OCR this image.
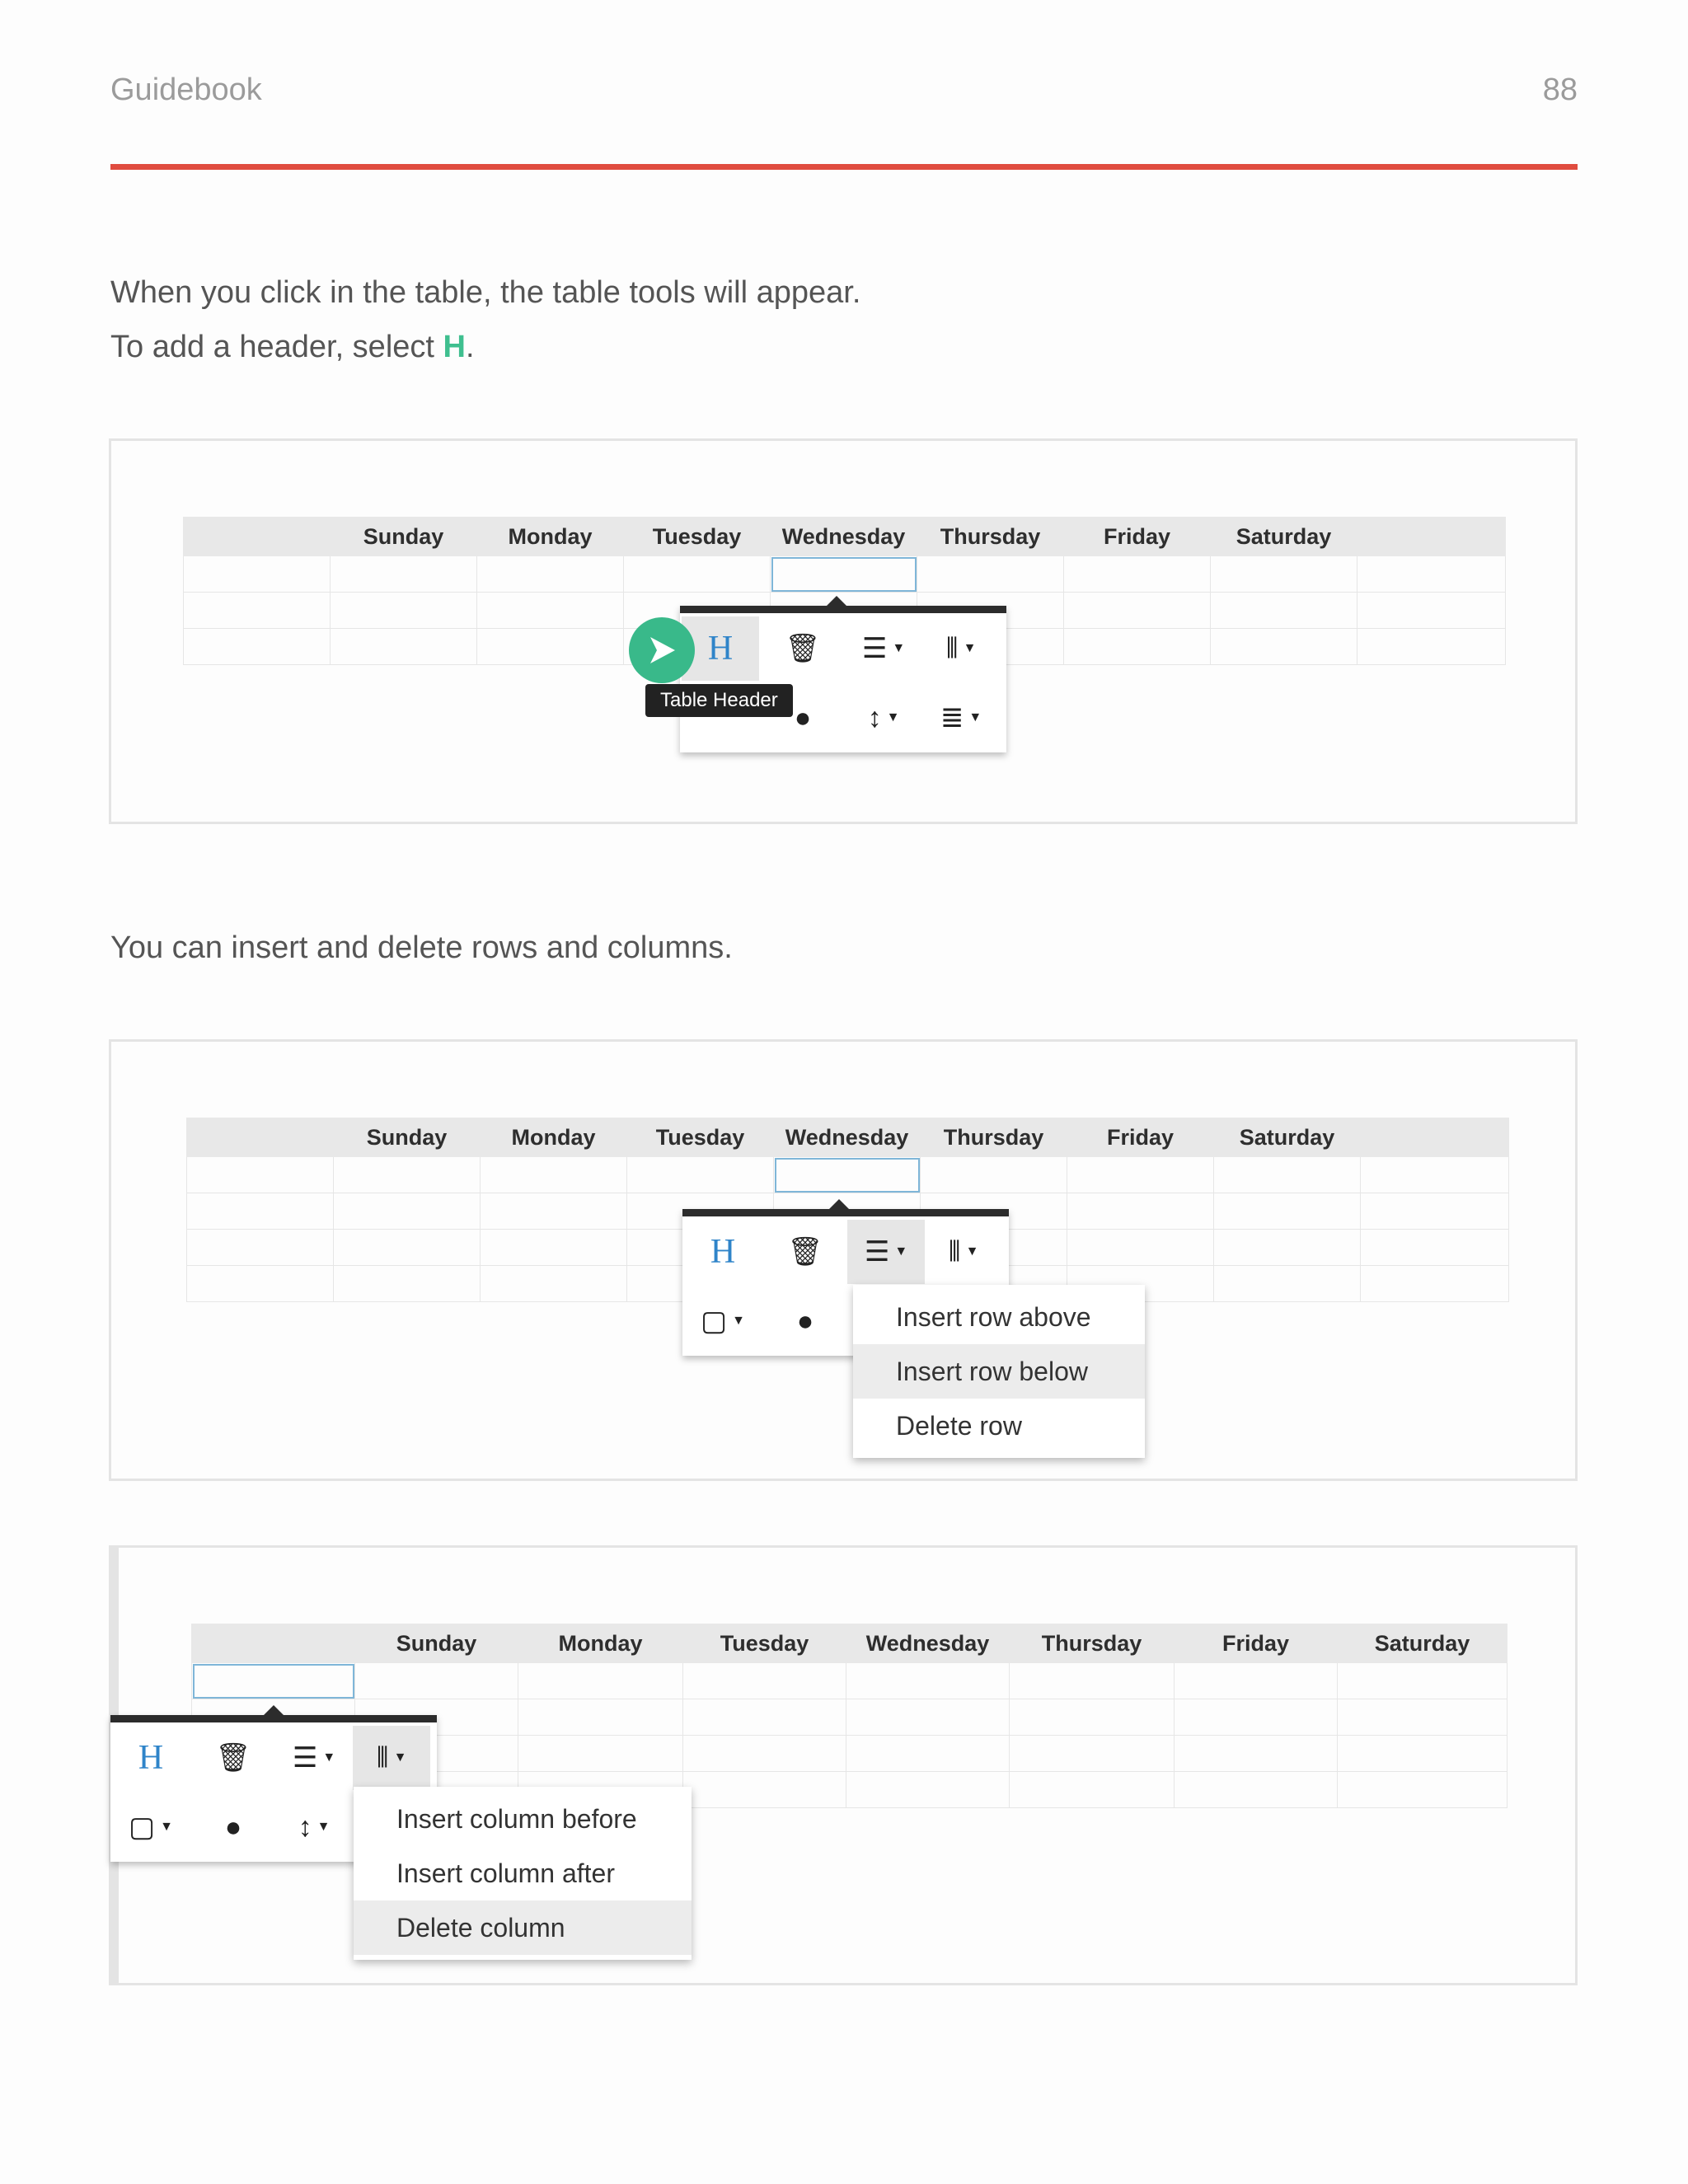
Guidebook	88
When you click in the table, the table tools will appear.
To add a header, select H.
	Sunday	Monday	Tuesday	Wednesday	Thursday	Friday	Saturday	

H	🗑 ☰ ▼ ⦀ ▼
● ↕ ▼ ≣ ▼
Table Header
You can insert and delete rows and columns.
	Sunday	Monday	Tuesday	Wednesday	Thursday	Friday	Saturday	

H	🗑 ☰ ▼ ⦀ ▼
▢ ▼ ●	Insert row above
Insert row below
Delete row
	Sunday	Monday	Tuesday	Wednesday	Thursday	Friday	Saturday

H	🗑 ☰ ▼ ⦀ ▼
▢ ▼ ● ↕ ▼	Insert column before
Insert column after
Delete column
